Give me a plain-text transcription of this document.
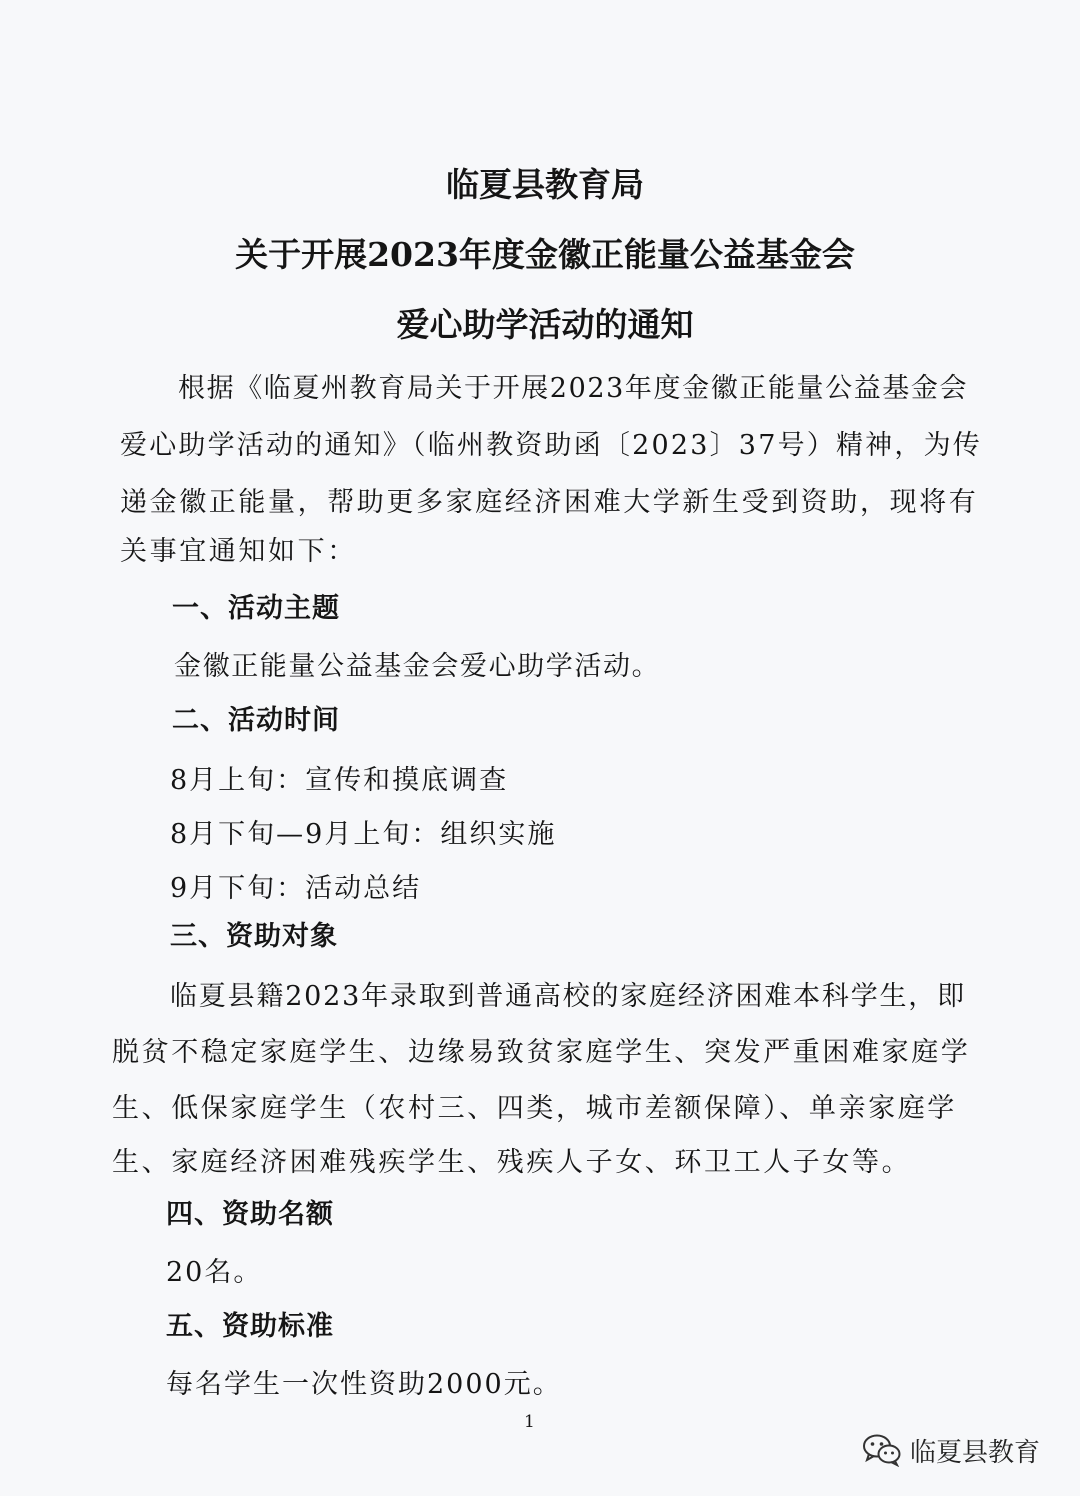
临夏县教育局
关于开展2023年度金徽正能量公益基金会
爱心助学活动的通知
根据《临夏州教育局关于开展2023年度金徽正能量公益基金会
爱心助学活动的通知》（临州教资助函〔2023〕37号）精神，为传
递金徽正能量，帮助更多家庭经济困难大学新生受到资助，现将有
关事宜通知如下：
一、活动主题
金徽正能量公益基金会爱心助学活动。
二、活动时间
8月上旬：宣传和摸底调查
8月下旬—9月上旬：组织实施
9月下旬：活动总结
三、资助对象
临夏县籍2023年录取到普通高校的家庭经济困难本科学生，即
脱贫不稳定家庭学生、边缘易致贫家庭学生、突发严重困难家庭学
生、低保家庭学生（农村三、四类，城市差额保障）、单亲家庭学
生、家庭经济困难残疾学生、残疾人子女、环卫工人子女等。
四、资助名额
20名。
五、资助标准
每名学生一次性资助2000元。
1
临夏县教育
